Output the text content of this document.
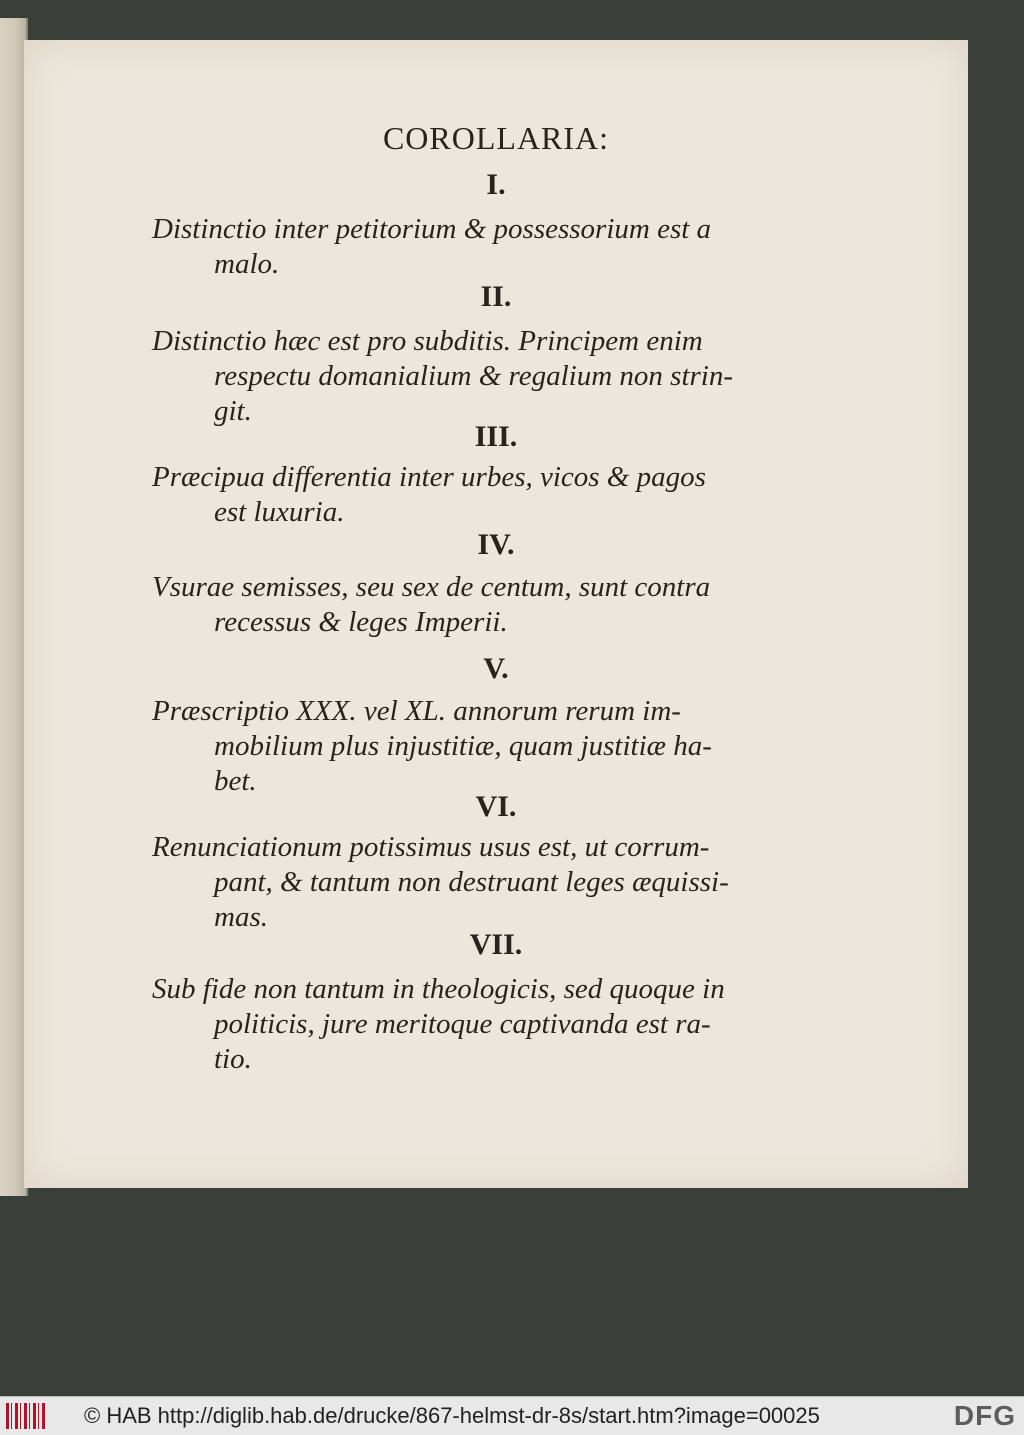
COROLLARIA:
I.
Distinctio inter petitorium & possessorium est a
malo.
II.
Distinctio hæc est pro subditis. Principem enim
respectu domanialium & regalium non strin-
git.
III.
Præcipua differentia inter urbes, vicos & pagos
est luxuria.
IV.
Vsurae semisses, seu sex de centum, sunt contra
recessus & leges Imperii.
V.
Præscriptio XXX. vel XL. annorum rerum im-
mobilium plus injustitiæ, quam justitiæ ha-
bet.
VI.
Renunciationum potissimus usus est, ut corrum-
pant, & tantum non destruant leges æquissi-
mas.
VII.
Sub fide non tantum in theologicis, sed quoque in
politicis, jure meritoque captivanda est ra-
tio.
© HAB http://diglib.hab.de/drucke/867-helmst-dr-8s/start.htm?image=00025	DFG
